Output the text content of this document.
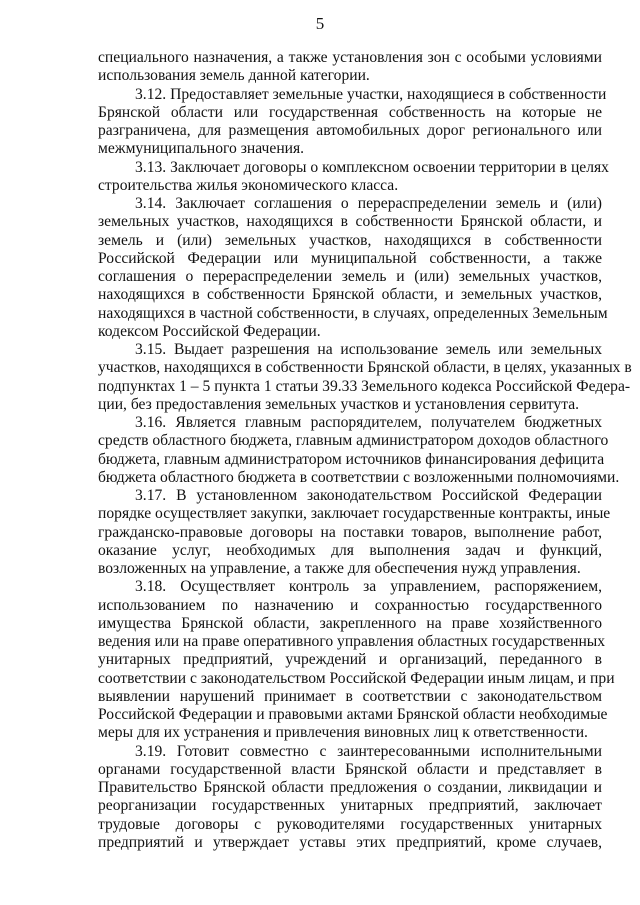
5
специального назначения, а также установления зон с особыми условиями
использования земель данной категории.
3.12. Предоставляет земельные участки, находящиеся в собственности
Брянской области или государственная собственность на которые не
разграничена, для размещения автомобильных дорог регионального или
межмуниципального значения.
3.13. Заключает договоры о комплексном освоении территории в целях
строительства жилья экономического класса.
3.14. Заключает соглашения о перераспределении земель и (или)
земельных участков, находящихся в собственности Брянской области, и
земель и (или) земельных участков, находящихся в собственности
Российской Федерации или муниципальной собственности, а также
соглашения о перераспределении земель и (или) земельных участков,
находящихся в собственности Брянской области, и земельных участков,
находящихся в частной собственности, в случаях, определенных Земельным
кодексом Российской Федерации.
3.15. Выдает разрешения на использование земель или земельных
участков, находящихся в собственности Брянской области, в целях, указанных в
подпунктах 1 – 5 пункта 1 статьи 39.33 Земельного кодекса Российской Федера-
ции, без предоставления земельных участков и установления сервитута.
3.16. Является главным распорядителем, получателем бюджетных
средств областного бюджета, главным администратором доходов областного
бюджета, главным администратором источников финансирования дефицита
бюджета областного бюджета в соответствии с возложенными полномочиями.
3.17. В установленном законодательством Российской Федерации
порядке осуществляет закупки, заключает государственные контракты, иные
гражданско-правовые договоры на поставки товаров, выполнение работ,
оказание услуг, необходимых для выполнения задач и функций,
возложенных на управление, а также для обеспечения нужд управления.
3.18. Осуществляет контроль за управлением, распоряжением,
использованием по назначению и сохранностью государственного
имущества Брянской области, закрепленного на праве хозяйственного
ведения или на праве оперативного управления областных государственных
унитарных предприятий, учреждений и организаций, переданного в
соответствии с законодательством Российской Федерации иным лицам, и при
выявлении нарушений принимает в соответствии с законодательством
Российской Федерации и правовыми актами Брянской области необходимые
меры для их устранения и привлечения виновных лиц к ответственности.
3.19. Готовит совместно с заинтересованными исполнительными
органами государственной власти Брянской области и представляет в
Правительство Брянской области предложения о создании, ликвидации и
реорганизации государственных унитарных предприятий, заключает
трудовые договоры с руководителями государственных унитарных
предприятий и утверждает уставы этих предприятий, кроме случаев,
